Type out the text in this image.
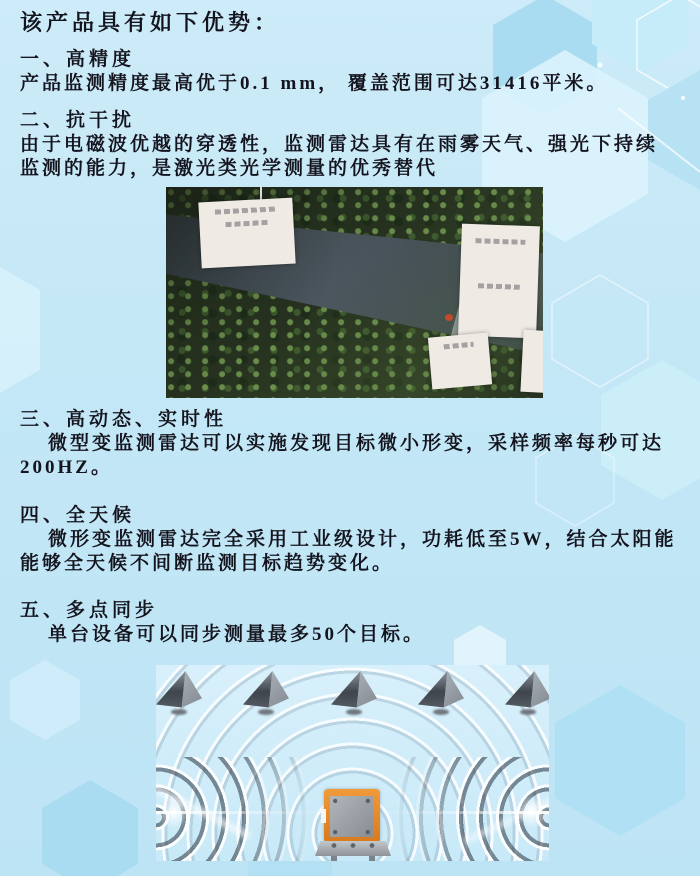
该产品具有如下优势：
一、高精度
产品监测精度最高优于0.1 mm， 覆盖范围可达31416平米。
二、抗干扰
由于电磁波优越的穿透性，监测雷达具有在雨雾天气、强光下持续
监测的能力，是激光类光学测量的优秀替代
三、高动态、实时性
微型变监测雷达可以实施发现目标微小形变，采样频率每秒可达
200HZ。
四、全天候
微形变监测雷达完全采用工业级设计，功耗低至5W，结合太阳能
能够全天候不间断监测目标趋势变化。
五、多点同步
单台设备可以同步测量最多50个目标。
